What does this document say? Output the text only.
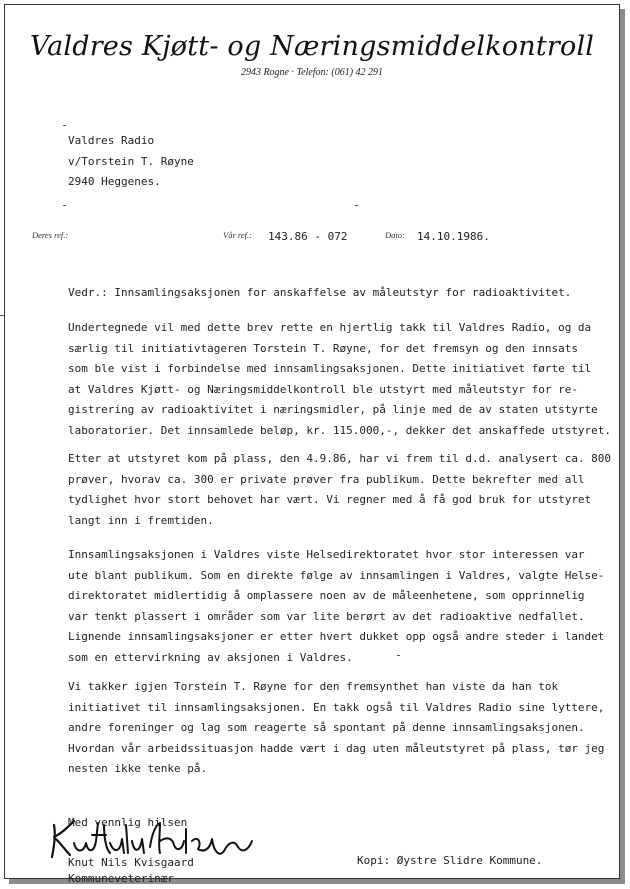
Valdres Kjøtt- og Næringsmiddelkontroll
2943 Rogne · Telefon: (061) 42 291
Valdres Radio
v/Torstein T. Røyne
2940 Heggenes.
Deres ref.:	Vår ref.: 143.86 - 072	Dato: 14.10.1986.
Vedr.: Innsamlingsaksjonen for anskaffelse av måleutstyr for radioaktivitet.
Undertegnede vil med dette brev rette en hjertlig takk til Valdres Radio, og da
særlig til initiativtageren Torstein T. Røyne, for det fremsyn og den innsats
som ble vist i forbindelse med innsamlingsaksjonen. Dette initiativet førte til
at Valdres Kjøtt- og Næringsmiddelkontroll ble utstyrt med måleutstyr for re-
gistrering av radioaktivitet i næringsmidler, på linje med de av staten utstyrte
laboratorier. Det innsamlede beløp, kr. 115.000,-, dekker det anskaffede utstyret.
Etter at utstyret kom på plass, den 4.9.86, har vi frem til d.d. analysert ca. 800
prøver, hvorav ca. 300 er private prøver fra publikum. Dette bekrefter med all
tydlighet hvor stort behovet har vært. Vi regner med å få god bruk for utstyret
langt inn i fremtiden.
Innsamlingsaksjonen i Valdres viste Helsedirektoratet hvor stor interessen var
ute blant publikum. Som en direkte følge av innsamlingen i Valdres, valgte Helse-
direktoratet midlertidig å omplassere noen av de måleenhetene, som opprinnelig
var tenkt plassert i områder som var lite berørt av det radioaktive nedfallet.
Lignende innsamlingsaksjoner er etter hvert dukket opp også andre steder i landet
som en ettervirkning av aksjonen i Valdres.
Vi takker igjen Torstein T. Røyne for den fremsynthet han viste da han tok
initiativet til innsamlingsaksjonen. En takk også til Valdres Radio sine lyttere,
andre foreninger og lag som reagerte så spontant på denne innsamlingsaksjonen.
Hvordan vår arbeidssituasjon hadde vært i dag uten måleutstyret på plass, tør jeg
nesten ikke tenke på.
Med vennlig hilsen
Knut Nils Kvisgaard
Kommuneveterinær
Kopi: Øystre Slidre Kommune.
